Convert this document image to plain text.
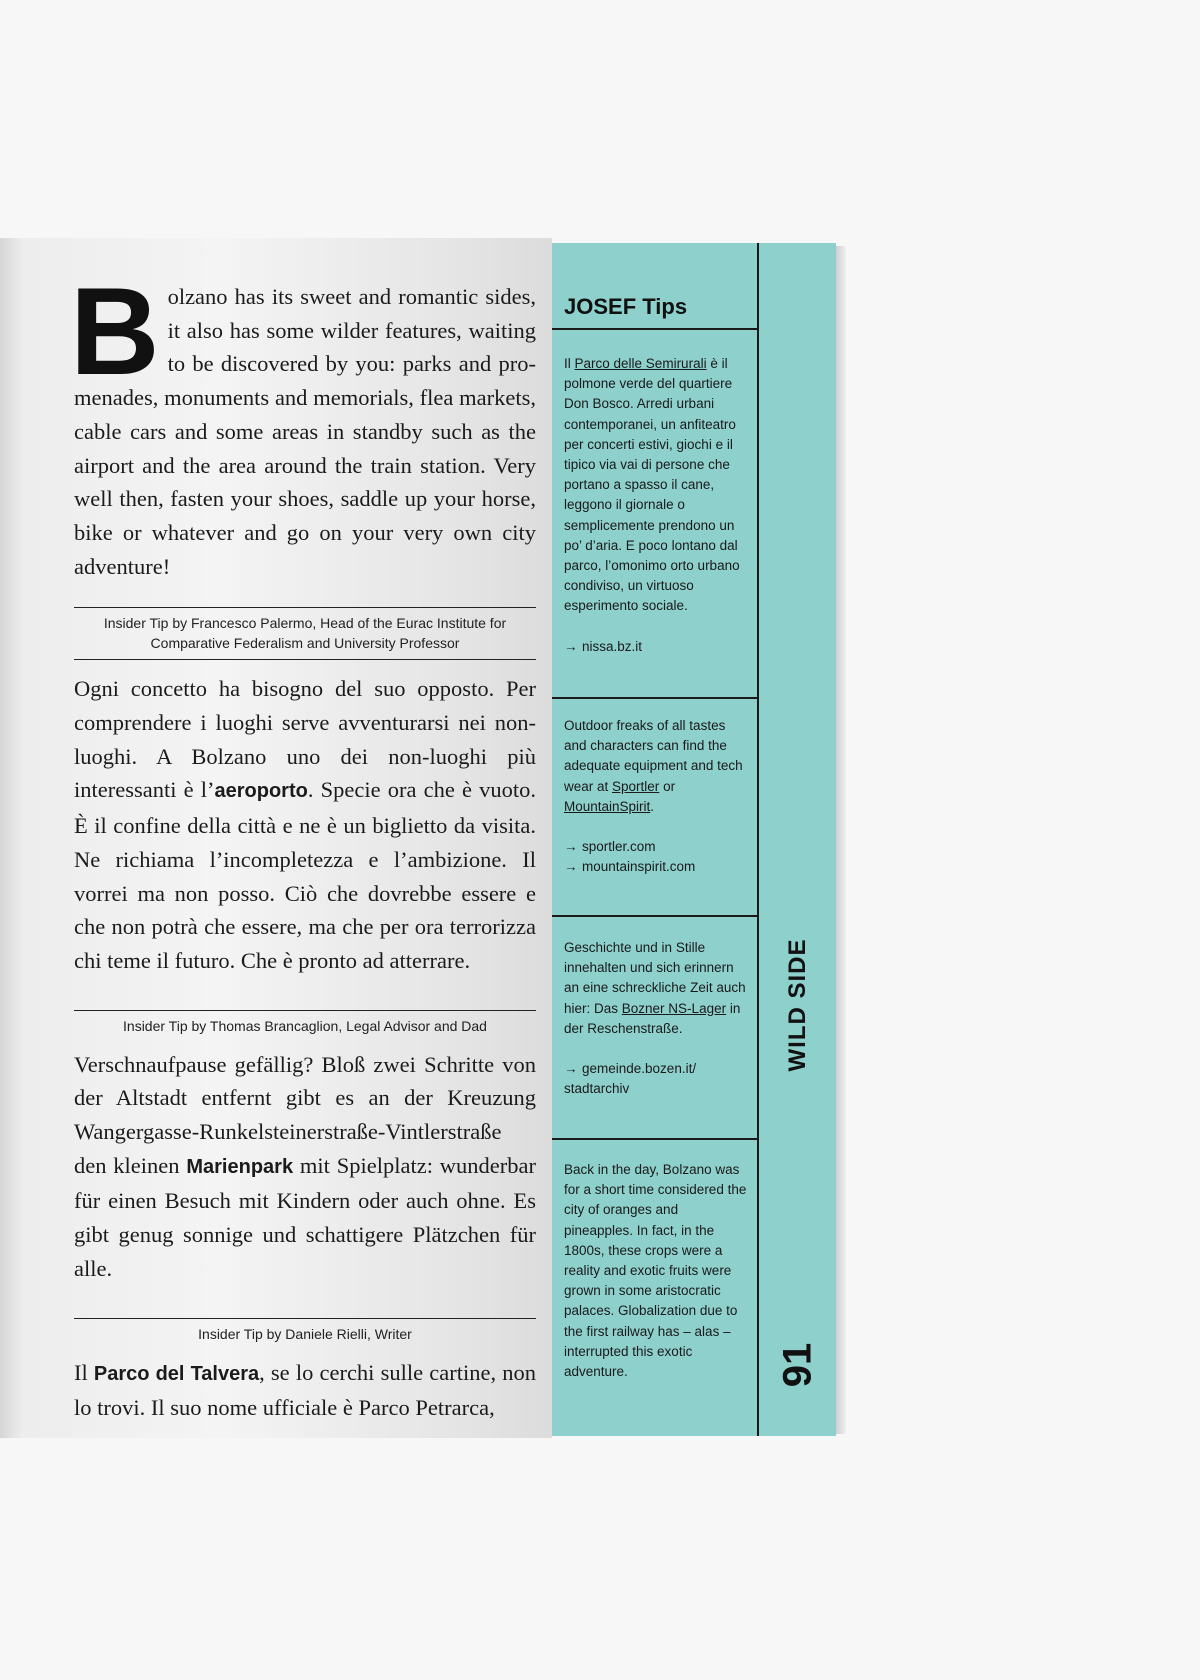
Bolzano has its sweet and romantic sides, it also has some wilder features, waiting to be discovered by you: parks and promenades, monuments and memorials, flea markets, cable cars and some areas in standby such as the airport and the area around the train station. Very well then, fasten your shoes, saddle up your horse, bike or whatever and go on your very own city adventure!

Insider Tip by Francesco Palermo, Head of the Eurac Institute for Comparative Federalism and University Professor

Ogni concetto ha bisogno del suo opposto. Per comprendere i luoghi serve avventurarsi nei non-luoghi. A Bolzano uno dei non-luoghi più interessanti è l’aeroporto. Specie ora che è vuoto. È il confine della città e ne è un biglietto da visita. Ne richiama l’incompletezza e l’ambizione. Il vorrei ma non posso. Ciò che dovrebbe essere e che non potrà che essere, ma che per ora terrorizza chi teme il futuro. Che è pronto ad atterrare.

Insider Tip by Thomas Brancaglion, Legal Advisor and Dad

Verschnaufpause gefällig? Bloß zwei Schritte von der Altstadt entfernt gibt es an der Kreuzung Wangergasse-Runkelsteinerstraße-Vintlerstraße den kleinen Marienpark mit Spielplatz: wunderbar für einen Besuch mit Kindern oder auch ohne. Es gibt genug sonnige und schattigere Plätzchen für alle.

Insider Tip by Daniele Rielli, Writer

Il Parco del Talvera, se lo cerchi sulle cartine, non lo trovi. Il suo nome ufficiale è Parco Petrarca,

JOSEF Tips

Il Parco delle Semirurali è il polmone verde del quartiere Don Bosco. Arredi urbani contemporanei, un anfiteatro per concerti estivi, giochi e il tipico via vai di persone che portano a spasso il cane, leggono il giornale o semplicemente prendono un po’ d’aria. E poco lontano dal parco, l’omonimo orto urbano condiviso, un virtuoso esperimento sociale.

→ nissa.bz.it

Outdoor freaks of all tastes and characters can find the adequate equipment and tech wear at Sportler or MountainSpirit.

→ sportler.com

→ mountainspirit.com

Geschichte und in Stille innehalten und sich erinnern an eine schreckliche Zeit auch hier: Das Bozner NS-Lager in der Reschenstraße.

→ gemeinde.bozen.it/ stadtarchiv

Back in the day, Bolzano was for a short time considered the city of oranges and pineapples. In fact, in the 1800s, these crops were a reality and exotic fruits were grown in some aristocratic palaces. Globalization due to the first railway has – alas – interrupted this exotic adventure.

WILD SIDE
91
